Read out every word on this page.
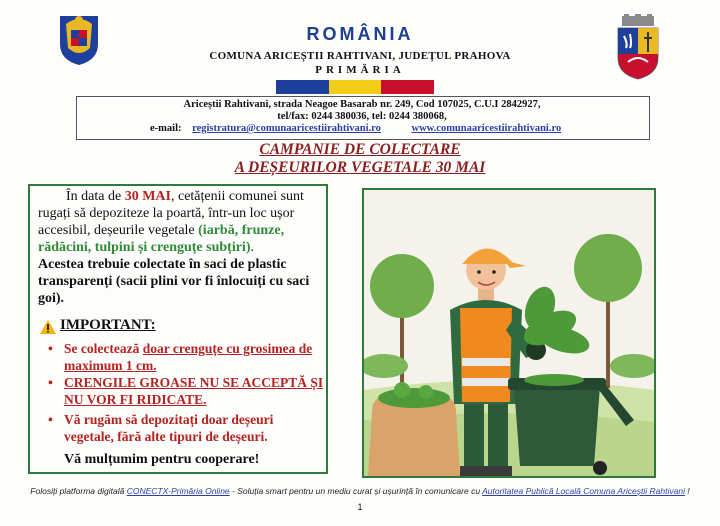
ROMÂNIA
COMUNA ARICEȘTII RAHTIVANI, JUDEȚUL PRAHOVA
PRIMĂRIA
Ariceștii Rahtivani, strada Neagoe Basarab nr. 249, Cod 107025, C.U.I 2842927,
tel/fax: 0244 380036, tel: 0244 380068,
e-mail: registratura@comunaaricestiirahtivani.ro	www.comunaaricestiirahtivani.ro
CAMPANIE DE COLECTARE
A DEȘEURILOR VEGETALE 30 MAI
În data de 30 MAI, cetățenii comunei sunt rugați să depoziteze la poartă, într-un loc ușor accesibil, deșeurile vegetale (iarbă, frunze, rădăcini, tulpini și crenguțe subțiri).
Acestea trebuie colectate în saci de plastic transparenți (sacii plini vor fi înlocuiți cu saci goi).
IMPORTANT:
• Se colectează doar crenguțe cu grosimea de maximum 1 cm.
• CRENGILE GROASE NU SE ACCEPTĂ ȘI NU VOR FI RIDICATE.
• Vă rugăm să depozitați doar deșeuri vegetale, fără alte tipuri de deșeuri.
Vă mulțumim pentru cooperare!
Folosiți platforma digitală CONECTX-Primăria Online - Soluția smart pentru un mediu curat și ușurință în comunicare cu Autoritatea Publică Locală Comuna Ariceștii Rahtivani !
1
